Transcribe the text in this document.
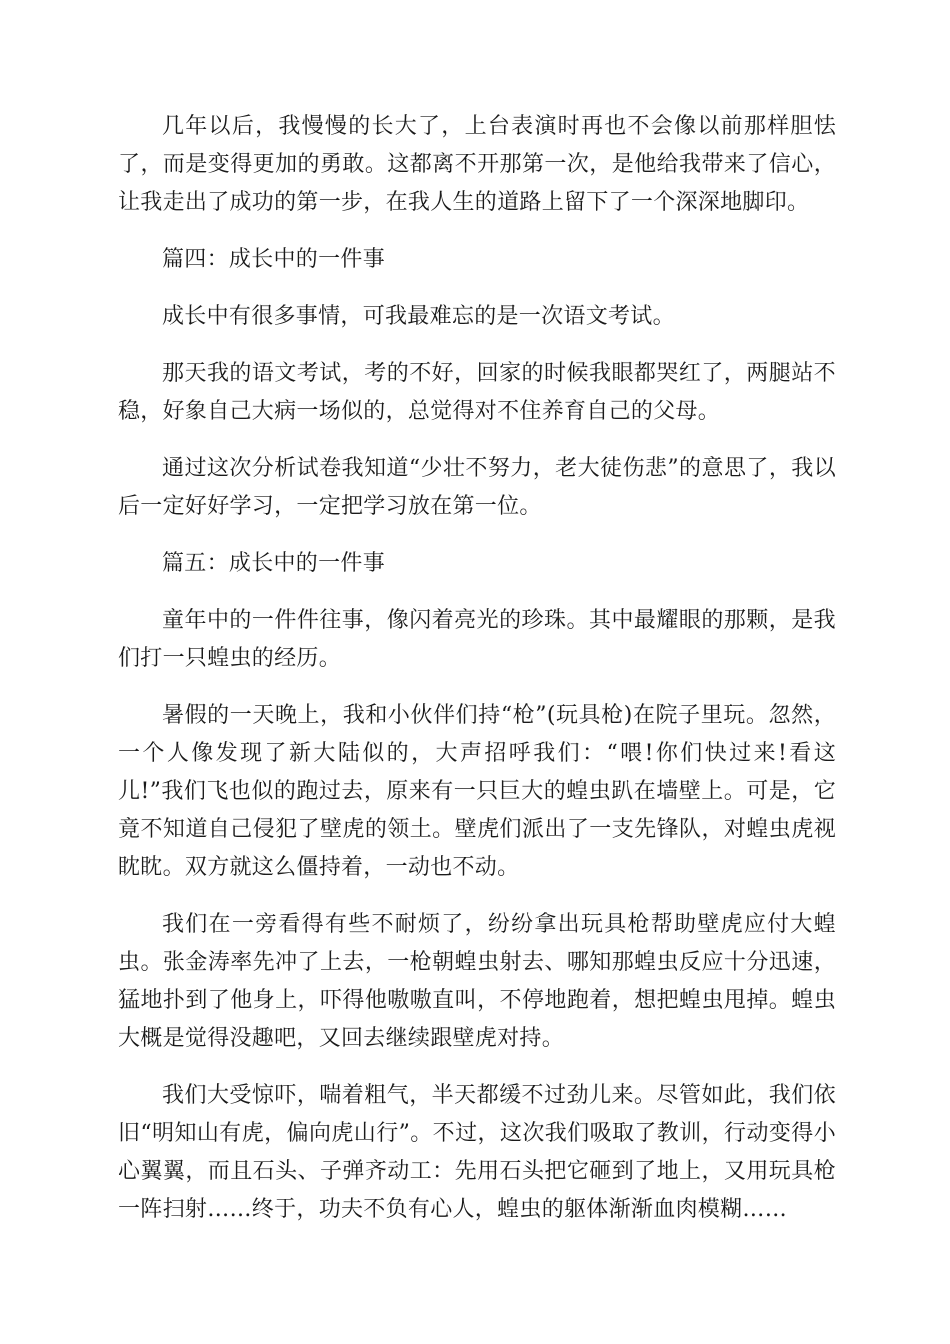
几年以后，我慢慢的长大了，上台表演时再也不会像以前那样胆怯了，而是变得更加的勇敢。这都离不开那第一次，是他给我带来了信心，让我走出了成功的第一步，在我人生的道路上留下了一个深深地脚印。

篇四：成长中的一件事

成长中有很多事情，可我最难忘的是一次语文考试。

那天我的语文考试，考的不好，回家的时候我眼都哭红了，两腿站不稳，好象自己大病一场似的，总觉得对不住养育自己的父母。

通过这次分析试卷我知道“少壮不努力，老大徒伤悲”的意思了，我以后一定好好学习，一定把学习放在第一位。

篇五：成长中的一件事

童年中的一件件往事，像闪着亮光的珍珠。其中最耀眼的那颗，是我们打一只蝗虫的经历。

暑假的一天晚上，我和小伙伴们持“枪”(玩具枪)在院子里玩。忽然，一个人像发现了新大陆似的，大声招呼我们：“喂!你们快过来!看这儿!”我们飞也似的跑过去，原来有一只巨大的蝗虫趴在墙壁上。可是，它竟不知道自己侵犯了壁虎的领土。壁虎们派出了一支先锋队，对蝗虫虎视眈眈。双方就这么僵持着，一动也不动。

我们在一旁看得有些不耐烦了，纷纷拿出玩具枪帮助壁虎应付大蝗虫。张金涛率先冲了上去，一枪朝蝗虫射去、哪知那蝗虫反应十分迅速，猛地扑到了他身上，吓得他嗷嗷直叫，不停地跑着，想把蝗虫甩掉。蝗虫大概是觉得没趣吧，又回去继续跟壁虎对持。

我们大受惊吓，喘着粗气，半天都缓不过劲儿来。尽管如此，我们依旧“明知山有虎，偏向虎山行”。不过，这次我们吸取了教训，行动变得小心翼翼，而且石头、子弹齐动工：先用石头把它砸到了地上，又用玩具枪一阵扫射……终于，功夫不负有心人，蝗虫的躯体渐渐血肉模糊……
